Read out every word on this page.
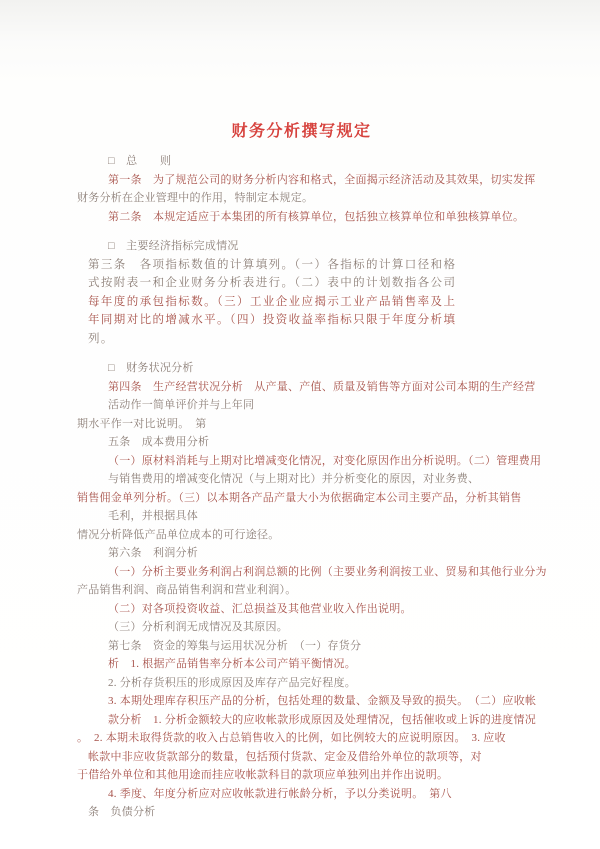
财务分析撰写规定
□　总　　则
第一条　为了规范公司的财务分析内容和格式，全面揭示经济活动及其效果，切实发挥
财务分析在企业管理中的作用，特制定本规定。
第二条　本规定适应于本集团的所有核算单位，包括独立核算单位和单独核算单位。
□　主要经济指标完成情况
第三条　各项指标数值的计算填列。（一）各指标的计算口径和格
式按附表一和企业财务分析表进行。（二）表中的计划数指各公司
每年度的承包指标数。（三）工业企业应揭示工业产品销售率及上
年同期对比的增减水平。（四）投资收益率指标只限于年度分析填
列。
□　财务状况分析
第四条　生产经营状况分析　从产量、产值、质量及销售等方面对公司本期的生产经营
活动作一简单评价并与上年同
期水平作一对比说明。　第
五条　成本费用分析
（一）原材料消耗与上期对比增减变化情况，对变化原因作出分析说明。（二）管理费用
与销售费用的增减变化情况（与上期对比）并分析变化的原因，对业务费、
销售佣金单列分析。（三）以本期各产品产量大小为依据确定本公司主要产品，分析其销售
毛利，并根据具体
情况分析降低产品单位成本的可行途径。
第六条　利润分析
（一）分析主要业务利润占利润总额的比例（主要业务利润按工业、贸易和其他行业分为
产品销售利润、商品销售利润和营业利润）。
（二）对各项投资收益、汇总损益及其他营业收入作出说明。
（三）分析利润无成情况及其原因。
第七条　资金的筹集与运用状况分析　（一）存货分
析　1. 根据产品销售率分析本公司产销平衡情况。
2. 分析存货积压的形成原因及库存产品完好程度。
3. 本期处理库存积压产品的分析，包括处理的数量、金额及导致的损失。　（二）应收帐
款分析　1. 分析金额较大的应收帐款形成原因及处理情况，包括催收或上诉的进度情况
。　2. 本期未取得货款的收入占总销售收入的比例，如比例较大的应说明原因。　3. 应收
帐款中非应收货款部分的数量，包括预付货款、定金及借给外单位的款项等，对
于借给外单位和其他用途而挂应收帐款科目的款项应单独列出并作出说明。
4. 季度、年度分析应对应收帐款进行帐龄分析，予以分类说明。　第八
条　负债分析
